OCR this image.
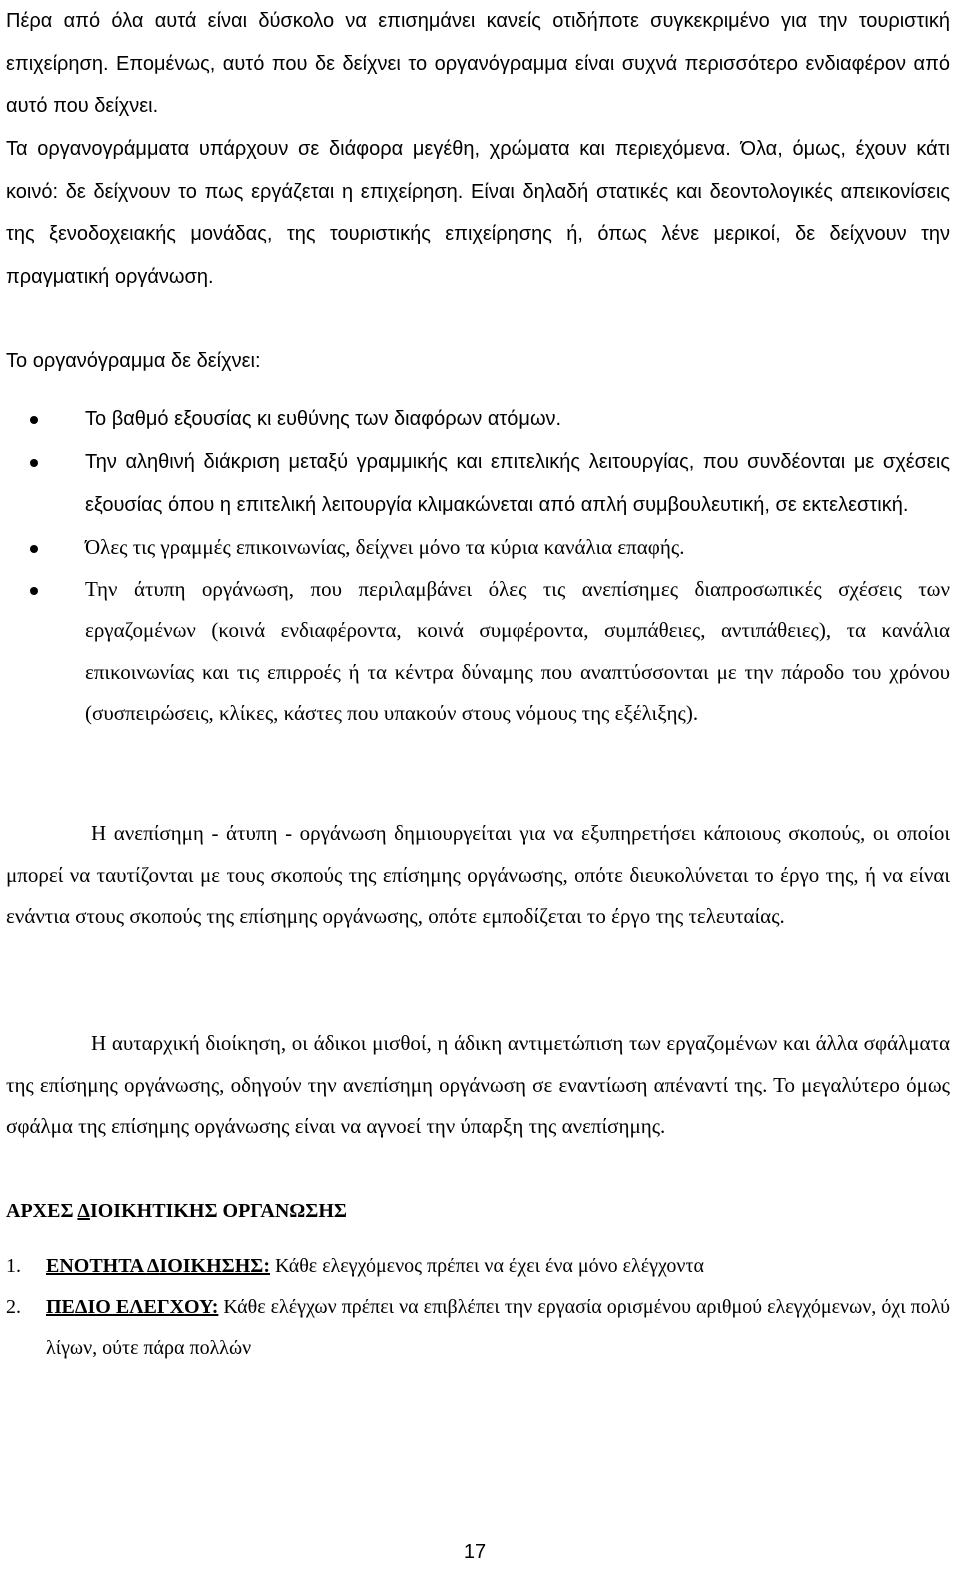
Πέρα από όλα αυτά είναι δύσκολο να επισημάνει κανείς οτιδήποτε συγκεκριμένο για την τουριστική επιχείρηση. Επομένως, αυτό που δε δείχνει το οργανόγραμμα είναι συχνά περισσότερο ενδιαφέρον από αυτό που δείχνει.

Τα οργανογράμματα υπάρχουν σε διάφορα μεγέθη, χρώματα και περιεχόμενα. Όλα, όμως, έχουν κάτι κοινό: δε δείχνουν το πως εργάζεται η επιχείρηση. Είναι δηλαδή στατικές και δεοντολογικές απεικονίσεις της ξενοδοχειακής μονάδας, της τουριστικής επιχείρησης ή, όπως λένε μερικοί, δε δείχνουν την πραγματική οργάνωση.

Το οργανόγραμμα δε δείχνει:

Το βαθμό εξουσίας κι ευθύνης των διαφόρων ατόμων.
Την αληθινή διάκριση μεταξύ γραμμικής και επιτελικής λειτουργίας, που συνδέονται με σχέσεις εξουσίας όπου η επιτελική λειτουργία κλιμακώνεται από απλή συμβουλευτική, σε εκτελεστική.
Όλες τις γραμμές επικοινωνίας, δείχνει μόνο τα κύρια κανάλια επαφής.
Την άτυπη οργάνωση, που περιλαμβάνει όλες τις ανεπίσημες διαπροσωπικές σχέσεις των εργαζομένων (κοινά ενδιαφέροντα, κοινά συμφέροντα, συμπάθειες, αντιπάθειες), τα κανάλια επικοινωνίας και τις επιρροές ή τα κέντρα δύναμης που αναπτύσσονται με την πάροδο του χρόνου (συσπειρώσεις, κλίκες, κάστες που υπακούν στους νόμους της εξέλιξης).

Η ανεπίσημη - άτυπη - οργάνωση δημιουργείται για να εξυπηρετήσει κάποιους σκοπούς, οι οποίοι μπορεί να ταυτίζονται με τους σκοπούς της επίσημης οργάνωσης, οπότε διευκολύνεται το έργο της, ή να είναι ενάντια στους σκοπούς της επίσημης οργάνωσης, οπότε εμποδίζεται το έργο της τελευταίας.

Η αυταρχική διοίκηση, οι άδικοι μισθοί, η άδικη αντιμετώπιση των εργαζομένων και άλλα σφάλματα της επίσημης οργάνωσης, οδηγούν την ανεπίσημη οργάνωση σε εναντίωση απέναντί της. Το μεγαλύτερο όμως σφάλμα της επίσημης οργάνωσης είναι να αγνοεί την ύπαρξη της ανεπίσημης.

ΑΡΧΕΣ ΔΙΟΙΚΗΤΙΚΗΣ ΟΡΓΑΝΩΣΗΣ
1. ΕΝΟΤΗΤΑ ΔΙΟΙΚΗΣΗΣ: Κάθε ελεγχόμενος πρέπει να έχει ένα μόνο ελέγχοντα
2. ΠΕΔΙΟ ΕΛΕΓΧΟΥ: Κάθε ελέγχων πρέπει να επιβλέπει την εργασία ορισμένου αριθμού ελεγχόμενων, όχι πολύ λίγων, ούτε πάρα πολλών
17
